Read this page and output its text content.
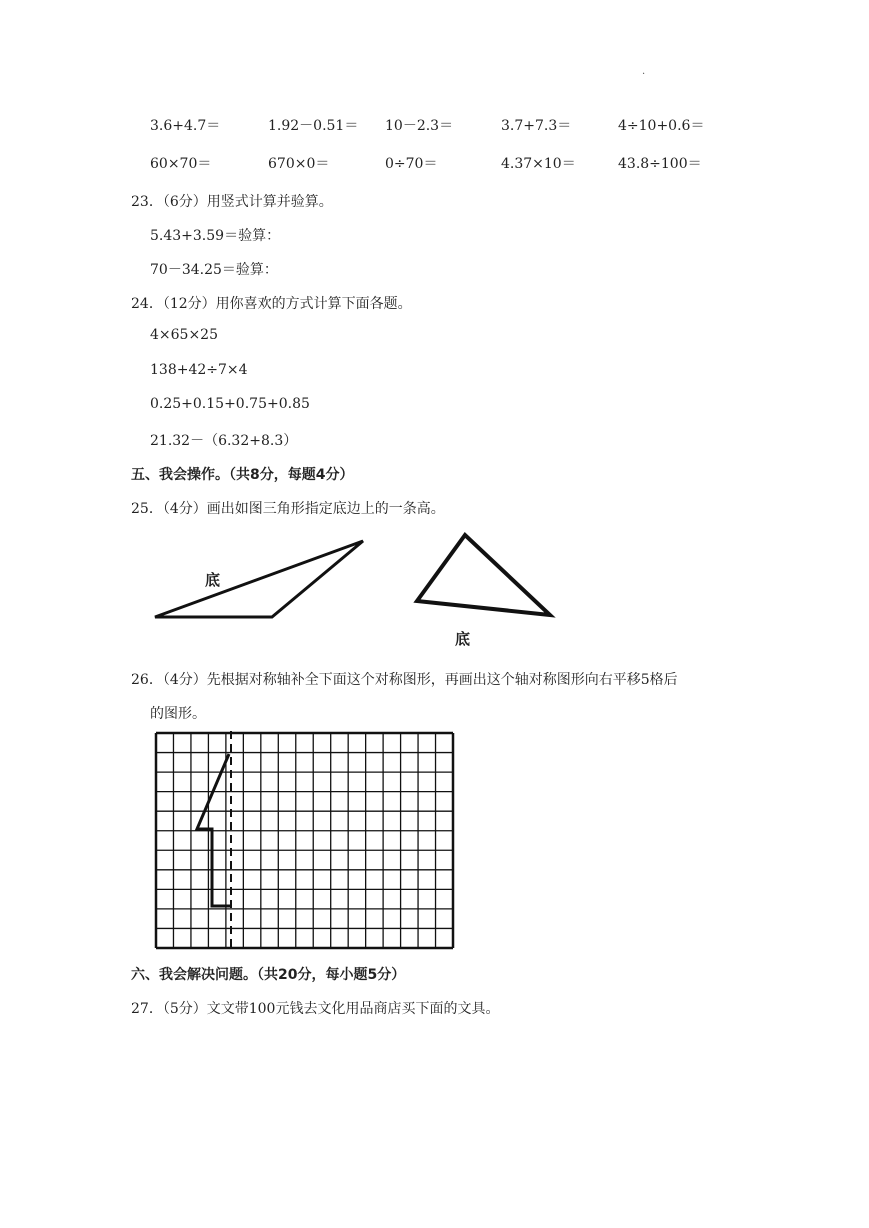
.
3.6+4.7＝	1.92－0.51＝ 10－2.3＝	3.7+7.3＝	4÷10+0.6＝
60×70＝	670×0＝	0÷70＝	4.37×10＝	43.8÷100＝
23．（6分）用竖式计算并验算。
5.43+3.59＝验算：
70－34.25＝验算：
24．（12分）用你喜欢的方式计算下面各题。
4×65×25
138+42÷7×4
0.25+0.15+0.75+0.85
21.32－（6.32+8.3）
五、我会操作。（共8分，每题4分）
25．（4分）画出如图三角形指定底边上的一条高。
底
底
26．（4分）先根据对称轴补全下面这个对称图形，再画出这个轴对称图形向右平移5格后
的图形。
六、我会解决问题。（共20分，每小题5分）
27．（5分）文文带100元钱去文化用品商店买下面的文具。
